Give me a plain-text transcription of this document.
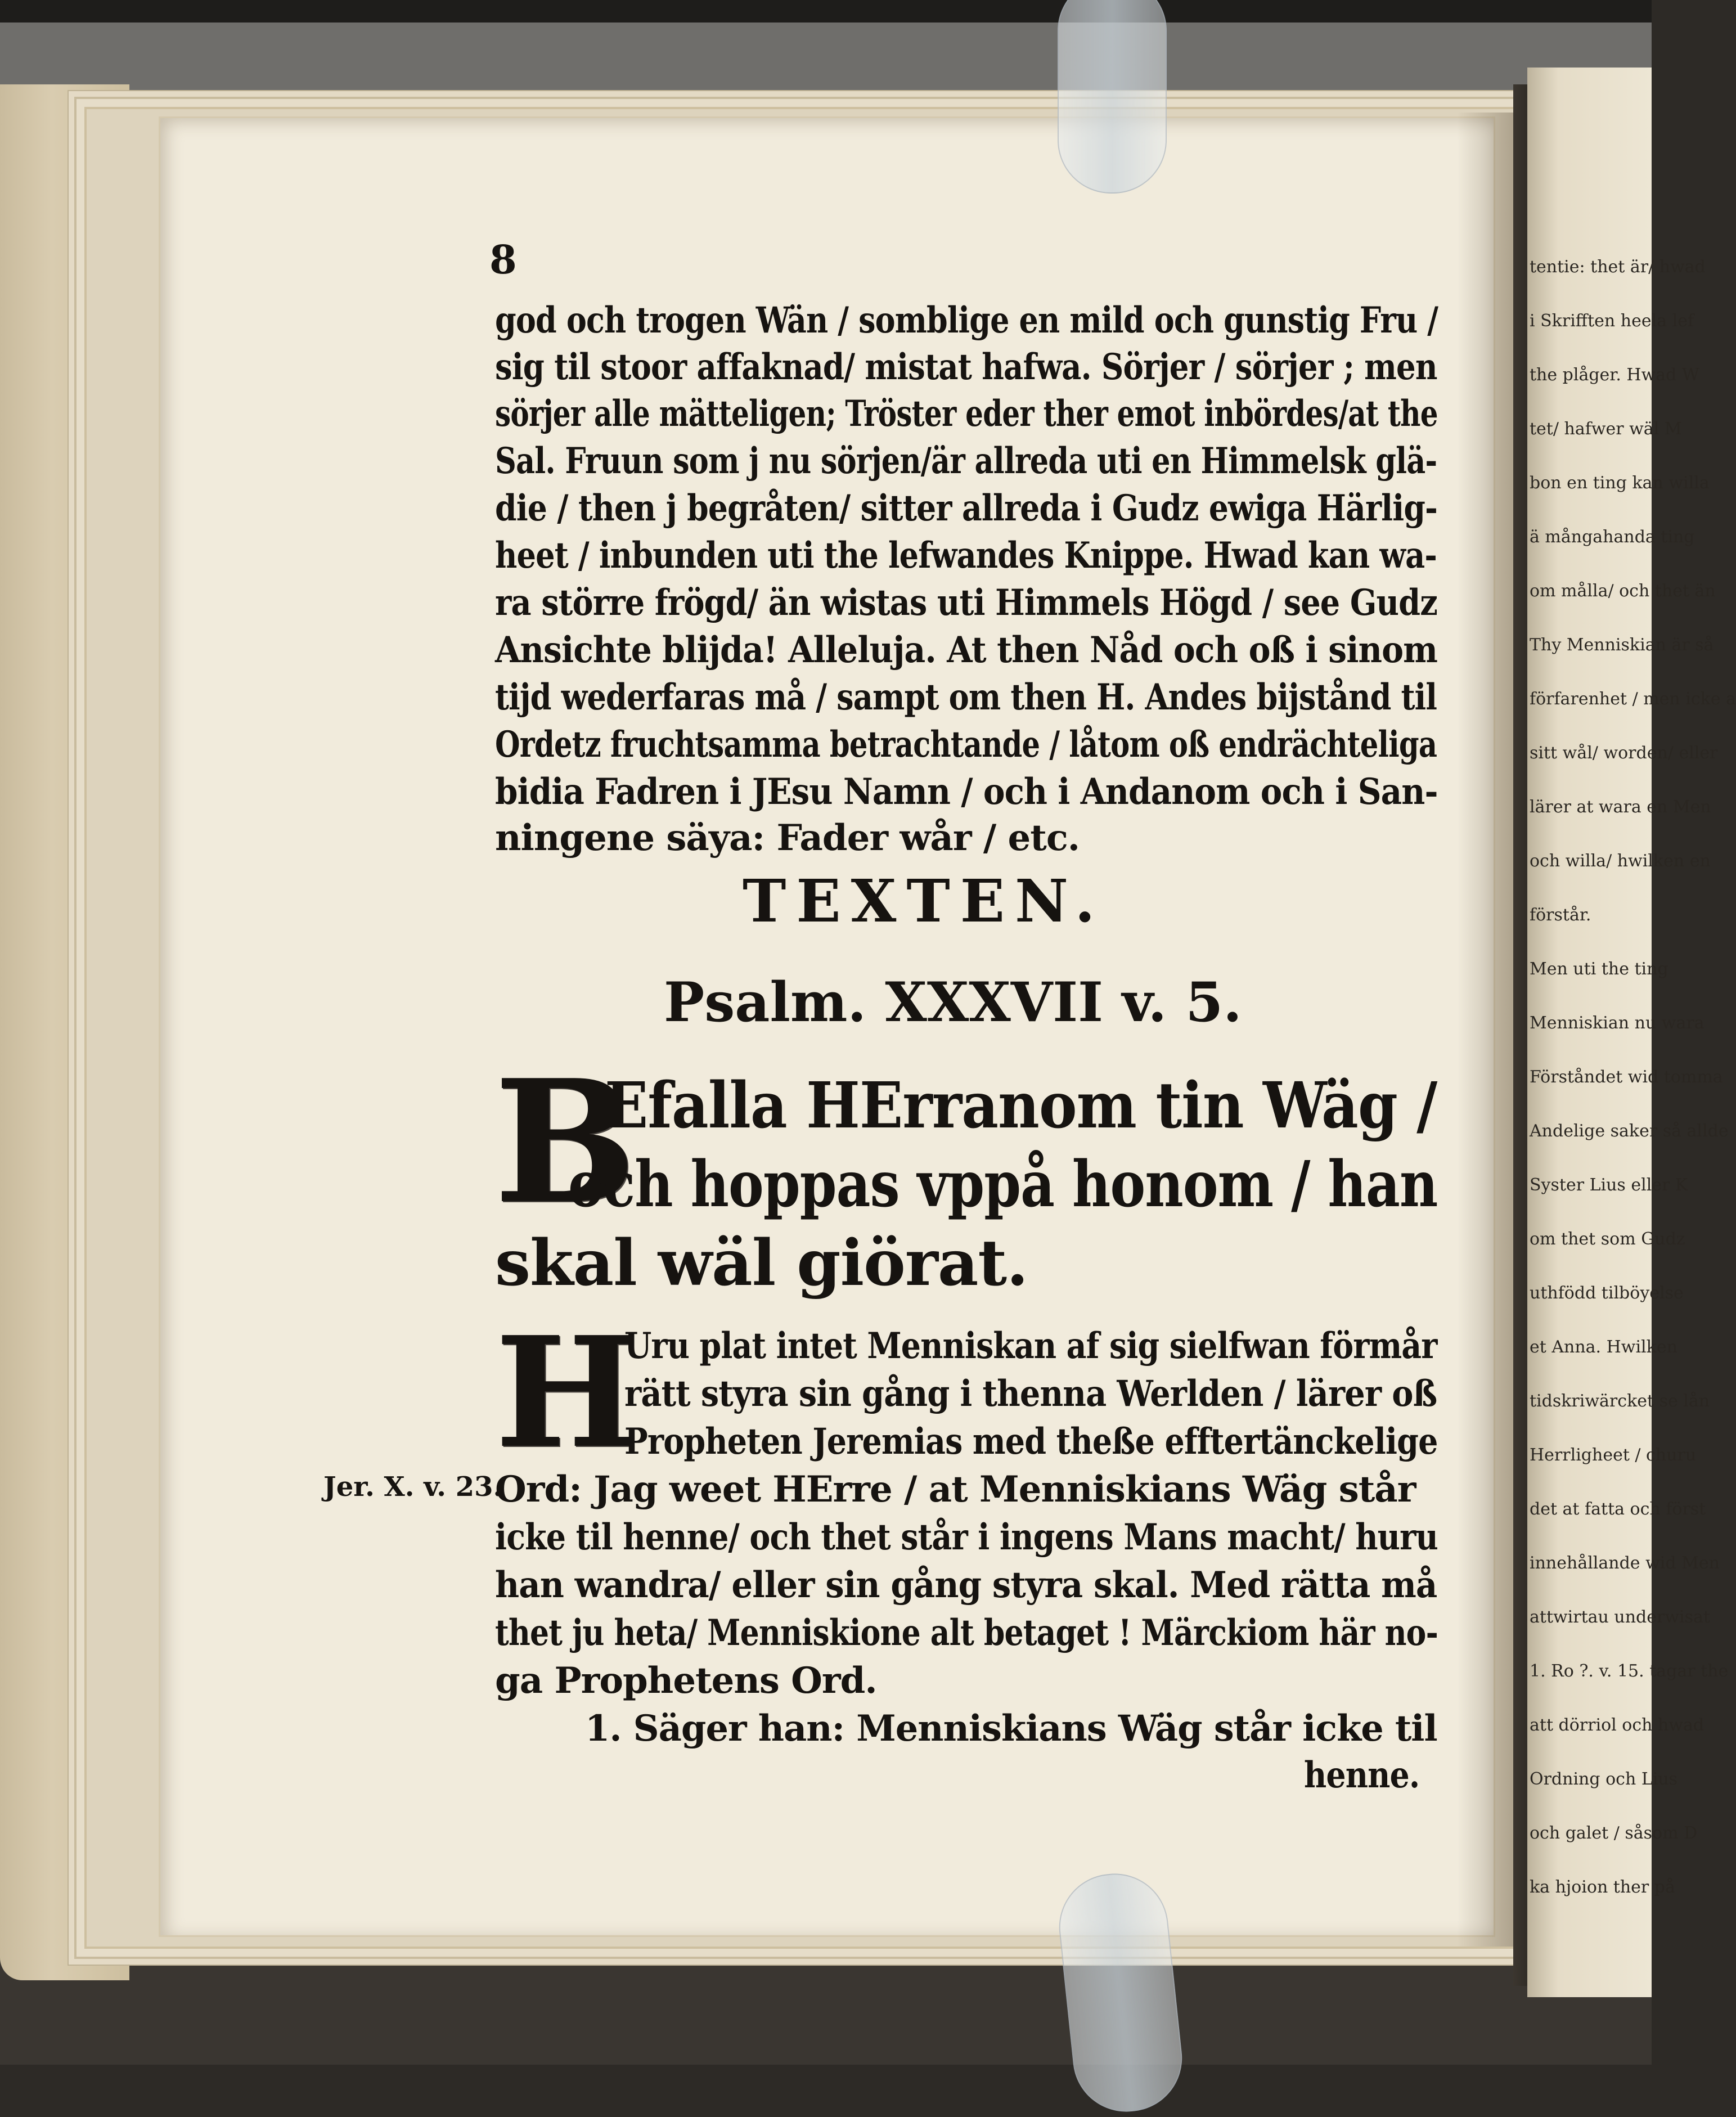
tentie: thet är/ hwad
i Skrifften heela lef
the plåger. Hwad W
tet/ hafwer wäl M
bon en ting kan willa
ä mångahanda ting
om målla/ och thet än
Thy Menniskian är så
förfarenhet / men icke a
sitt wål/ worden/ eller
lärer at wara en Men
och willa/ hwilken en
förstår.
Men uti the ting
Menniskian nu wara
Förståndet wid tomma
Andelige saker så allde
Syster Lius eller K
om thet som Gudz
uthfödd tilböyelse
et Anna. Hwilken
tidskriwärcket se lån
Herrligheet / churu
det at fatta och först
innehållande wid Men
attwirtau underwisat
1. Ro ?. v. 15. tagar the
att dörriol och hwad
Ordning och Lius
och galet / såsom D
ka hjoion ther på
8
god och trogen Wän / somblige en mild och gunstig Fru /
sig til stoor affaknad/ mistat hafwa. Sörjer / sörjer ; men
sörjer alle mätteligen; Tröster eder ther emot inbördes/at the
Sal. Fruun som j nu sörjen/är allreda uti en Himmelsk glä-
die / then j begråten/ sitter allreda i Gudz ewiga Härlig-
heet / inbunden uti the lefwandes Knippe. Hwad kan wa-
ra större frögd/ än wistas uti Himmels Högd / see Gudz
Ansichte blijda! Alleluja. At then Nåd och oß i sinom
tijd wederfaras må / sampt om then H. Andes bijstånd til
Ordetz fruchtsamma betrachtande / låtom oß endrächteliga
bidia Fadren i JEsu Namn / och i Andanom och i San-
ningene säya: Fader wår / etc.
TEXTEN.
Psalm. XXXVII v. 5.
B
Efalla HErranom tin Wäg /
och hoppas vppå honom / han
skal wäl giörat.
H
Uru plat intet Menniskan af sig sielfwan förmår
rätt styra sin gång i thenna Werlden / lärer oß
Propheten Jeremias med theße efftertänckelige
Ord: Jag weet HErre / at Menniskians Wäg står
icke til henne/ och thet står i ingens Mans macht/ huru
han wandra/ eller sin gång styra skal. Med rätta må
thet ju heta/ Menniskione alt betaget ! Märckiom här no-
ga Prophetens Ord.
1. Säger han: Menniskians Wäg står icke til
henne.
Jer. X. v. 23.
